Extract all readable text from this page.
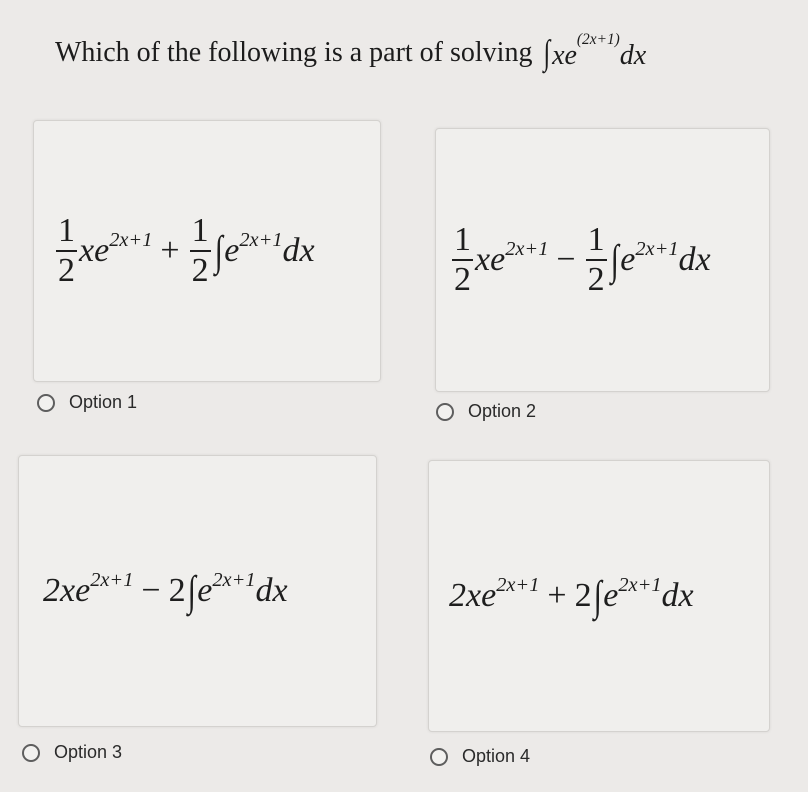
Which of the following is a part of solving $\int xe^{(2x+1)}dx$
$\frac{1}{2} xe^{2x+1} + \frac{1}{2}$ ∫ $e^{2x+1}$ dx	$\frac{1}{2} xe^{2x+1} - \frac{1}{2}$ ∫ $e^{2x+1}$ dx
Option 1	Option 2
$2xe^{2x+1} - 2$ ∫ $e^{2x+1}$ dx	$2xe^{2x+1} + 2$ ∫ $e^{2x+1}$ dx
Option 3	Option 4
